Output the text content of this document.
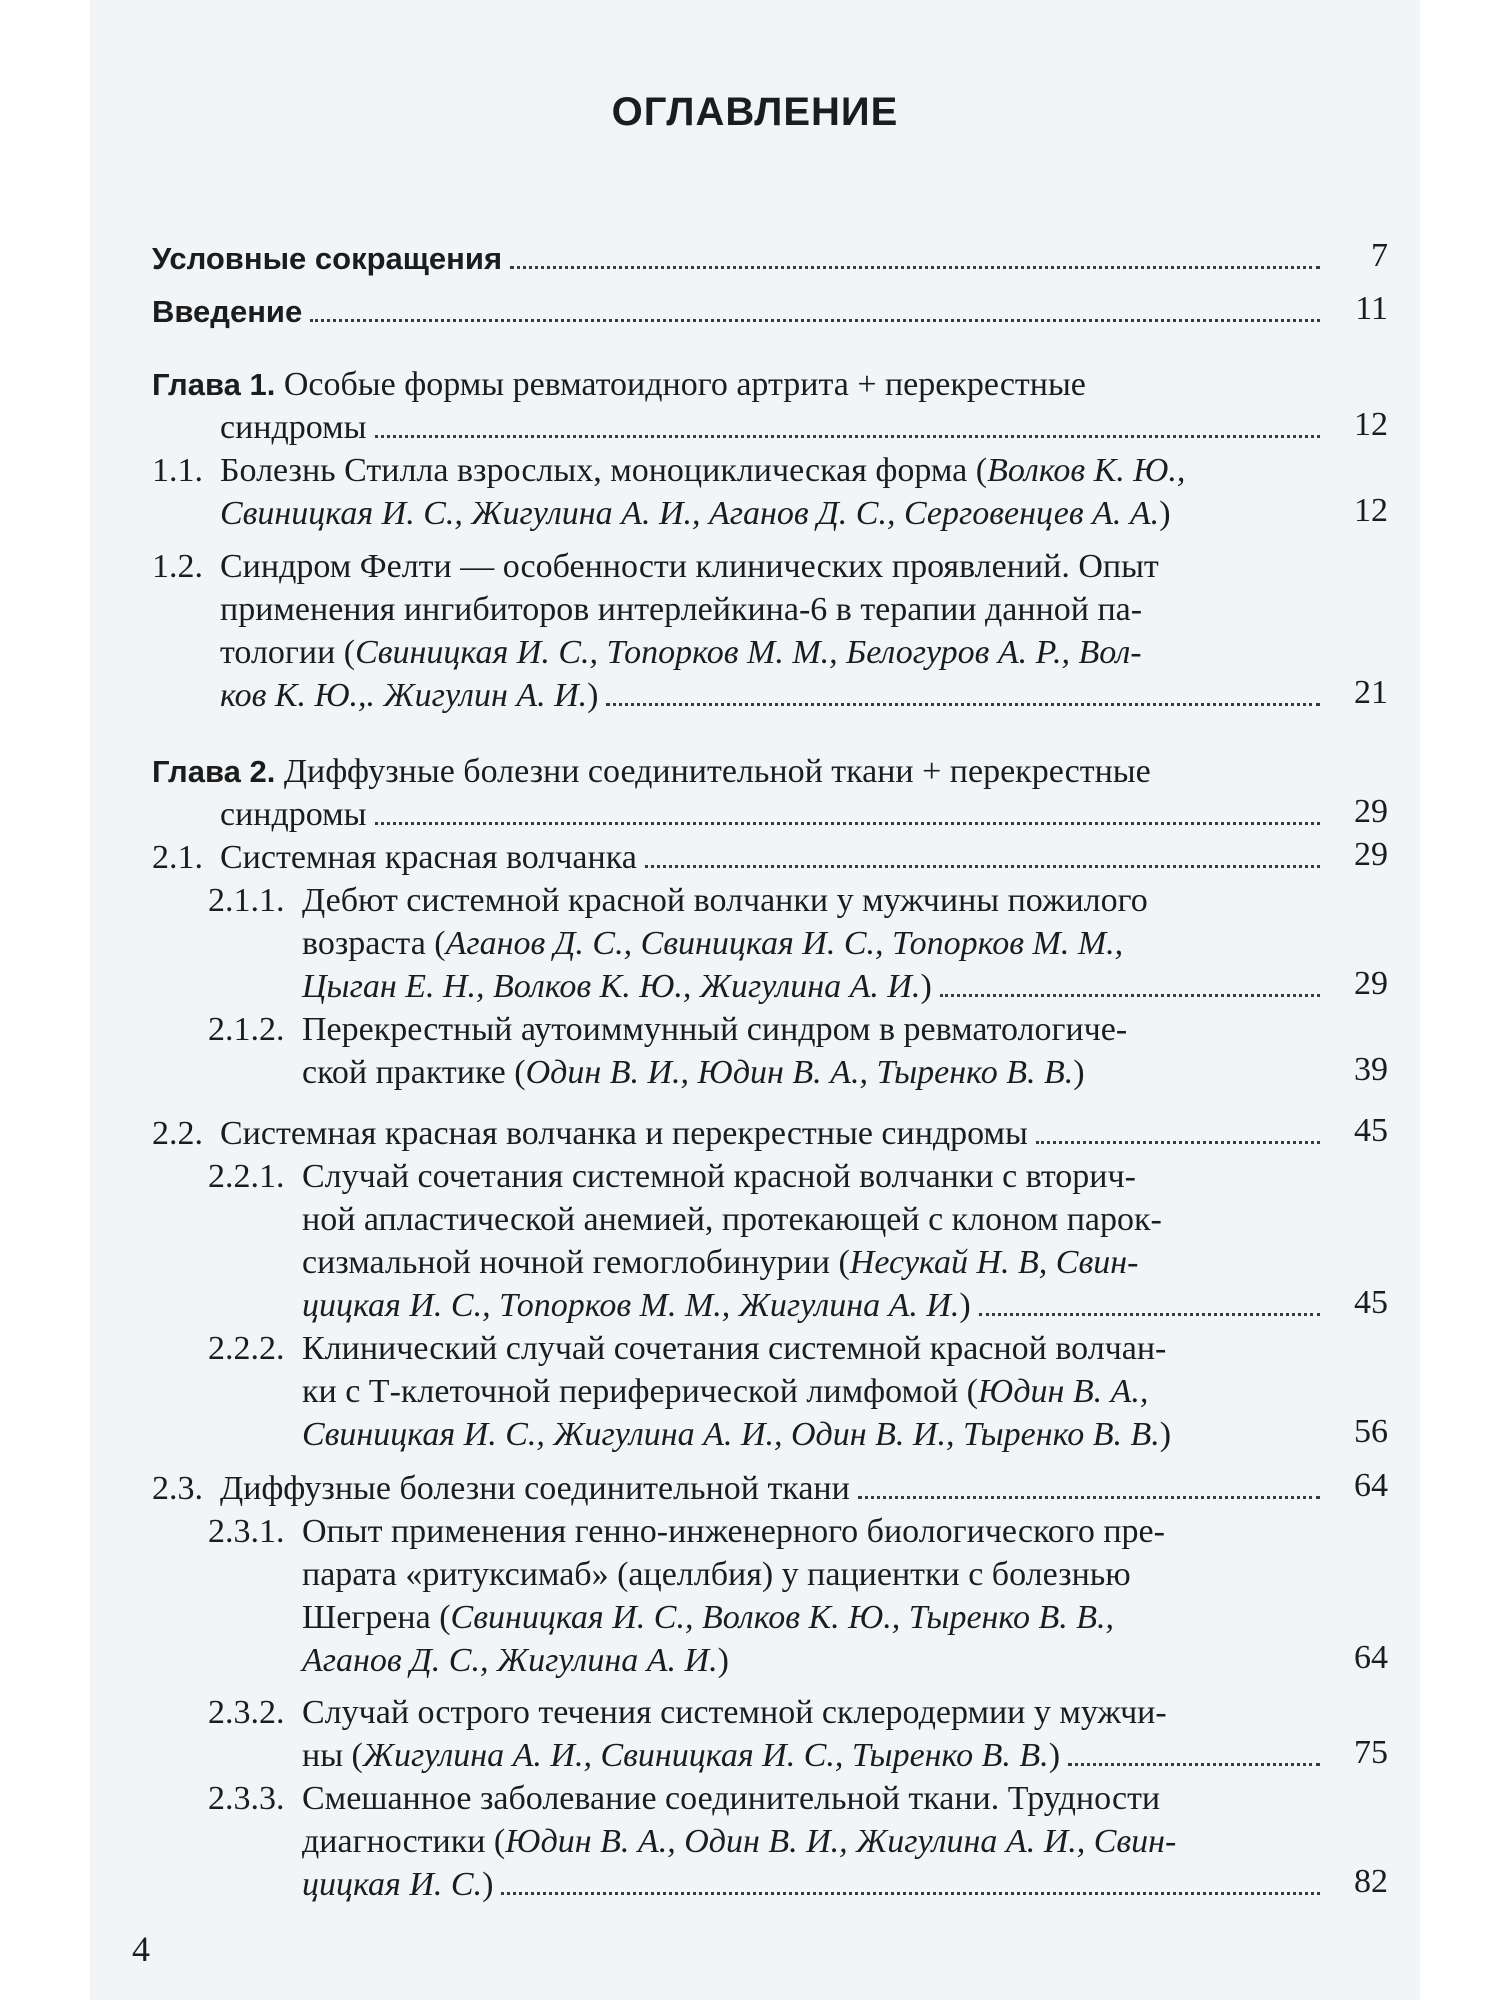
ОГЛАВЛЕНИЕ
Условные сокращения	7
Введение	11
Глава 1.
Особые формы ревматоидного артрита + перекрестные
синдромы	12
1.1. Болезнь Стилла взрослых, моноциклическая форма ( Волков К. Ю.,
Свиницкая И. С., Жигулина А. И., Аганов Д. С., Серговенцев А. А. )	12
1.2. Синдром Фелти — особенности клинических проявлений. Опыт
применения ингибиторов интерлейкина-6 в терапии данной па-
тологии ( Свиницкая И. С., Топорков М. М., Белогуров А. Р., Вол-
ков К. Ю.,. Жигулин А. И. )	21
Глава 2.
Диффузные болезни соединительной ткани + перекрестные
синдромы	29
2.1. Системная красная волчанка	29
2.1.1. Дебют системной красной волчанки у мужчины пожилого
возраста ( Аганов Д. С., Свиницкая И. С., Топорков М. М.,
Цыган Е. Н., Волков К. Ю., Жигулина А. И. )	29
2.1.2. Перекрестный аутоиммунный синдром в ревматологиче-
ской практике ( Один В. И., Юдин В. А., Тыренко В. В. )	39
2.2. Системная красная волчанка и перекрестные синдромы	45
2.2.1. Случай сочетания системной красной волчанки с вторич-
ной апластической анемией, протекающей с клоном парок-
сизмальной ночной гемоглобинурии ( Несукай Н. В, Свин-
цицкая И. С., Топорков М. М., Жигулина А. И. )	45
2.2.2. Клинический случай сочетания системной красной волчан-
ки с Т-клеточной периферической лимфомой ( Юдин В. А.,
Свиницкая И. С., Жигулина А. И., Один В. И., Тыренко В. В. )	56
2.3. Диффузные болезни соединительной ткани	64
2.3.1. Опыт применения генно-инженерного биологического пре-
парата «ритуксимаб» (ацеллбия) у пациентки с болезнью
Шегрена ( Свиницкая И. С., Волков К. Ю., Тыренко В. В.,
Аганов Д. С., Жигулина А. И. )	64
2.3.2. Случай острого течения системной склеродермии у мужчи-
ны ( Жигулина А. И., Свиницкая И. С., Тыренко В. В. )	75
2.3.3. Смешанное заболевание соединительной ткани. Трудности
диагностики ( Юдин В. А., Один В. И., Жигулина А. И., Свин-
цицкая И. С. )	82
4
